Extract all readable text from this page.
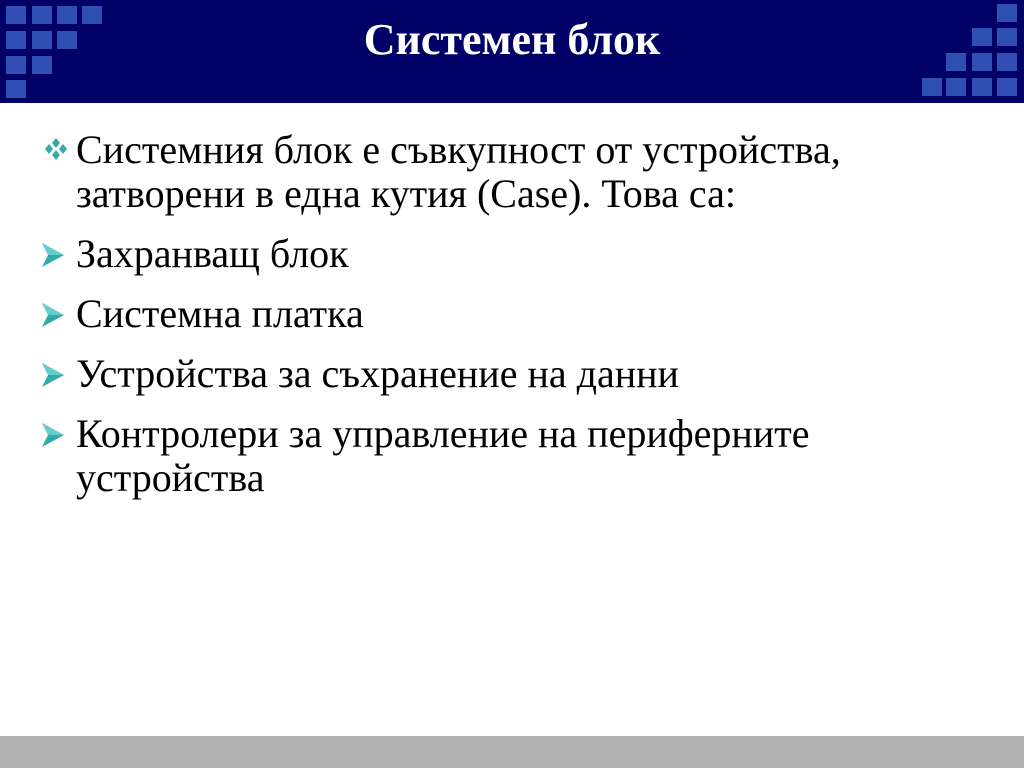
Системен блок
Системния блок е съвкупност от устройства, затворени в една кутия (Case). Това са:
Захранващ блок
Системна платка
Устройства за съхранение на данни
Контролери за управление на периферните устройства
